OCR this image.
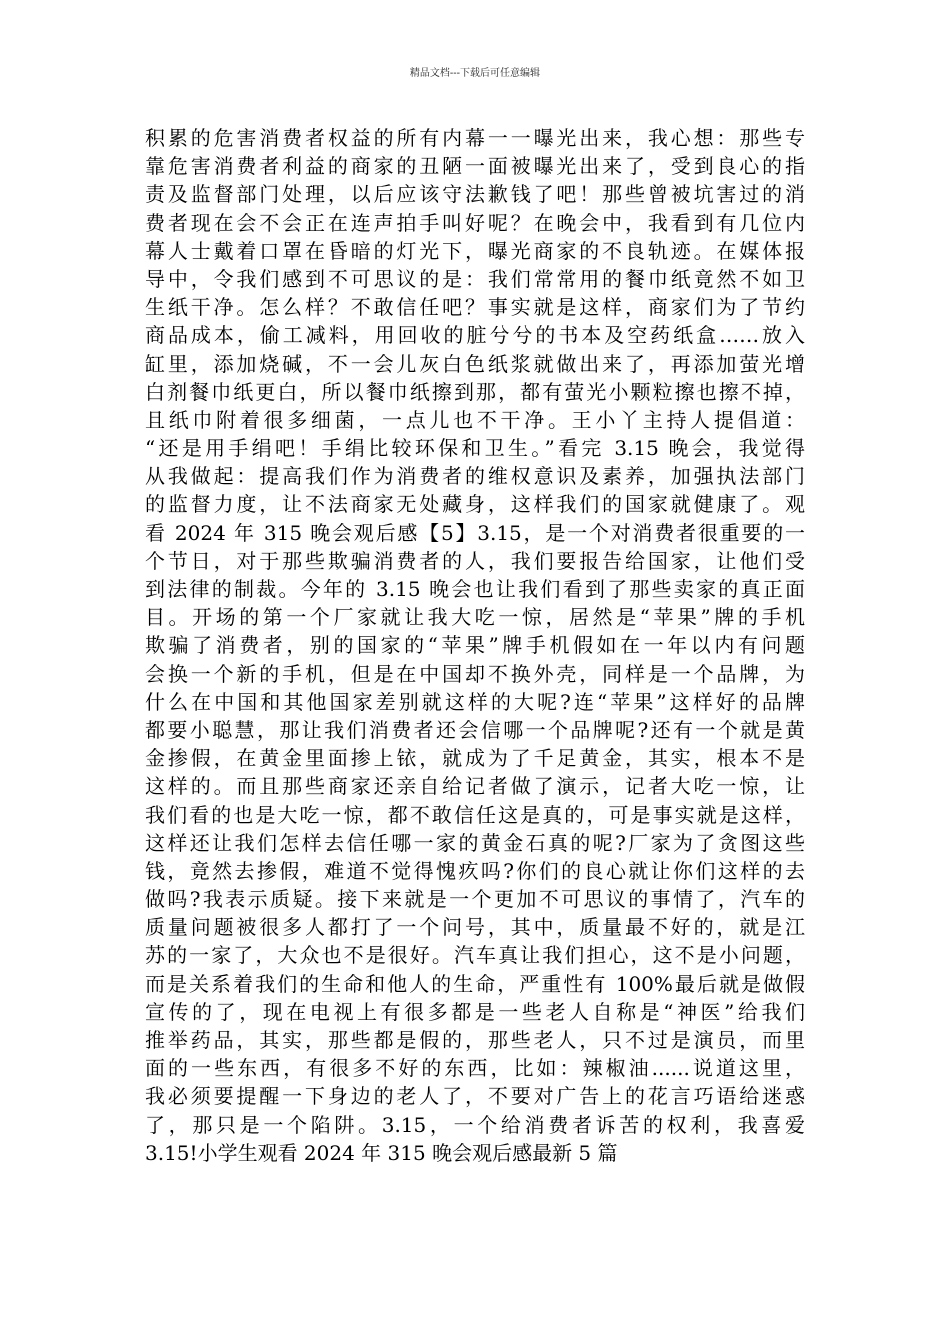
精品文档---下载后可任意编辑
积累的危害消费者权益的所有内幕一一曝光出来，我心想：那些专
靠危害消费者利益的商家的丑陋一面被曝光出来了，受到良心的指
责及监督部门处理，以后应该守法歉钱了吧！那些曾被坑害过的消
费者现在会不会正在连声拍手叫好呢？在晚会中，我看到有几位内
幕人士戴着口罩在昏暗的灯光下，曝光商家的不良轨迹。在媒体报
导中，令我们感到不可思议的是：我们常常用的餐巾纸竟然不如卫
生纸干净。怎么样？不敢信任吧？事实就是这样，商家们为了节约
商品成本，偷工减料，用回收的脏兮兮的书本及空药纸盒……放入
缸里，添加烧碱，不一会儿灰白色纸浆就做出来了，再添加萤光增
白剂餐巾纸更白，所以餐巾纸擦到那，都有萤光小颗粒擦也擦不掉，
且纸巾附着很多细菌，一点儿也不干净。王小丫主持人提倡道：
“还是用手绢吧！手绢比较环保和卫生。”看完 3.15 晚会，我觉得
从我做起：提高我们作为消费者的维权意识及素养，加强执法部门
的监督力度，让不法商家无处藏身，这样我们的国家就健康了。观
看 2024 年 315 晚会观后感【5】3.15，是一个对消费者很重要的一
个节日，对于那些欺骗消费者的人，我们要报告给国家，让他们受
到法律的制裁。今年的 3.15 晚会也让我们看到了那些卖家的真正面
目。开场的第一个厂家就让我大吃一惊，居然是“苹果”牌的手机
欺骗了消费者，别的国家的“苹果”牌手机假如在一年以内有问题
会换一个新的手机，但是在中国却不换外壳，同样是一个品牌，为
什么在中国和其他国家差别就这样的大呢?连“苹果”这样好的品牌
都要小聪慧，那让我们消费者还会信哪一个品牌呢?还有一个就是黄
金掺假，在黄金里面掺上铱，就成为了千足黄金，其实，根本不是
这样的。而且那些商家还亲自给记者做了演示，记者大吃一惊，让
我们看的也是大吃一惊，都不敢信任这是真的，可是事实就是这样，
这样还让我们怎样去信任哪一家的黄金石真的呢?厂家为了贪图这些
钱，竟然去掺假，难道不觉得愧疚吗?你们的良心就让你们这样的去
做吗?我表示质疑。接下来就是一个更加不可思议的事情了，汽车的
质量问题被很多人都打了一个问号，其中，质量最不好的，就是江
苏的一家了，大众也不是很好。汽车真让我们担心，这不是小问题，
而是关系着我们的生命和他人的生命，严重性有 100%最后就是做假
宣传的了，现在电视上有很多都是一些老人自称是“神医”给我们
推举药品，其实，那些都是假的，那些老人，只不过是演员，而里
面的一些东西，有很多不好的东西，比如：辣椒油......说道这里，
我必须要提醒一下身边的老人了，不要对广告上的花言巧语给迷惑
了，那只是一个陷阱。3.15，一个给消费者诉苦的权利，我喜爱
3.15!小学生观看 2024 年 315 晚会观后感最新 5 篇
